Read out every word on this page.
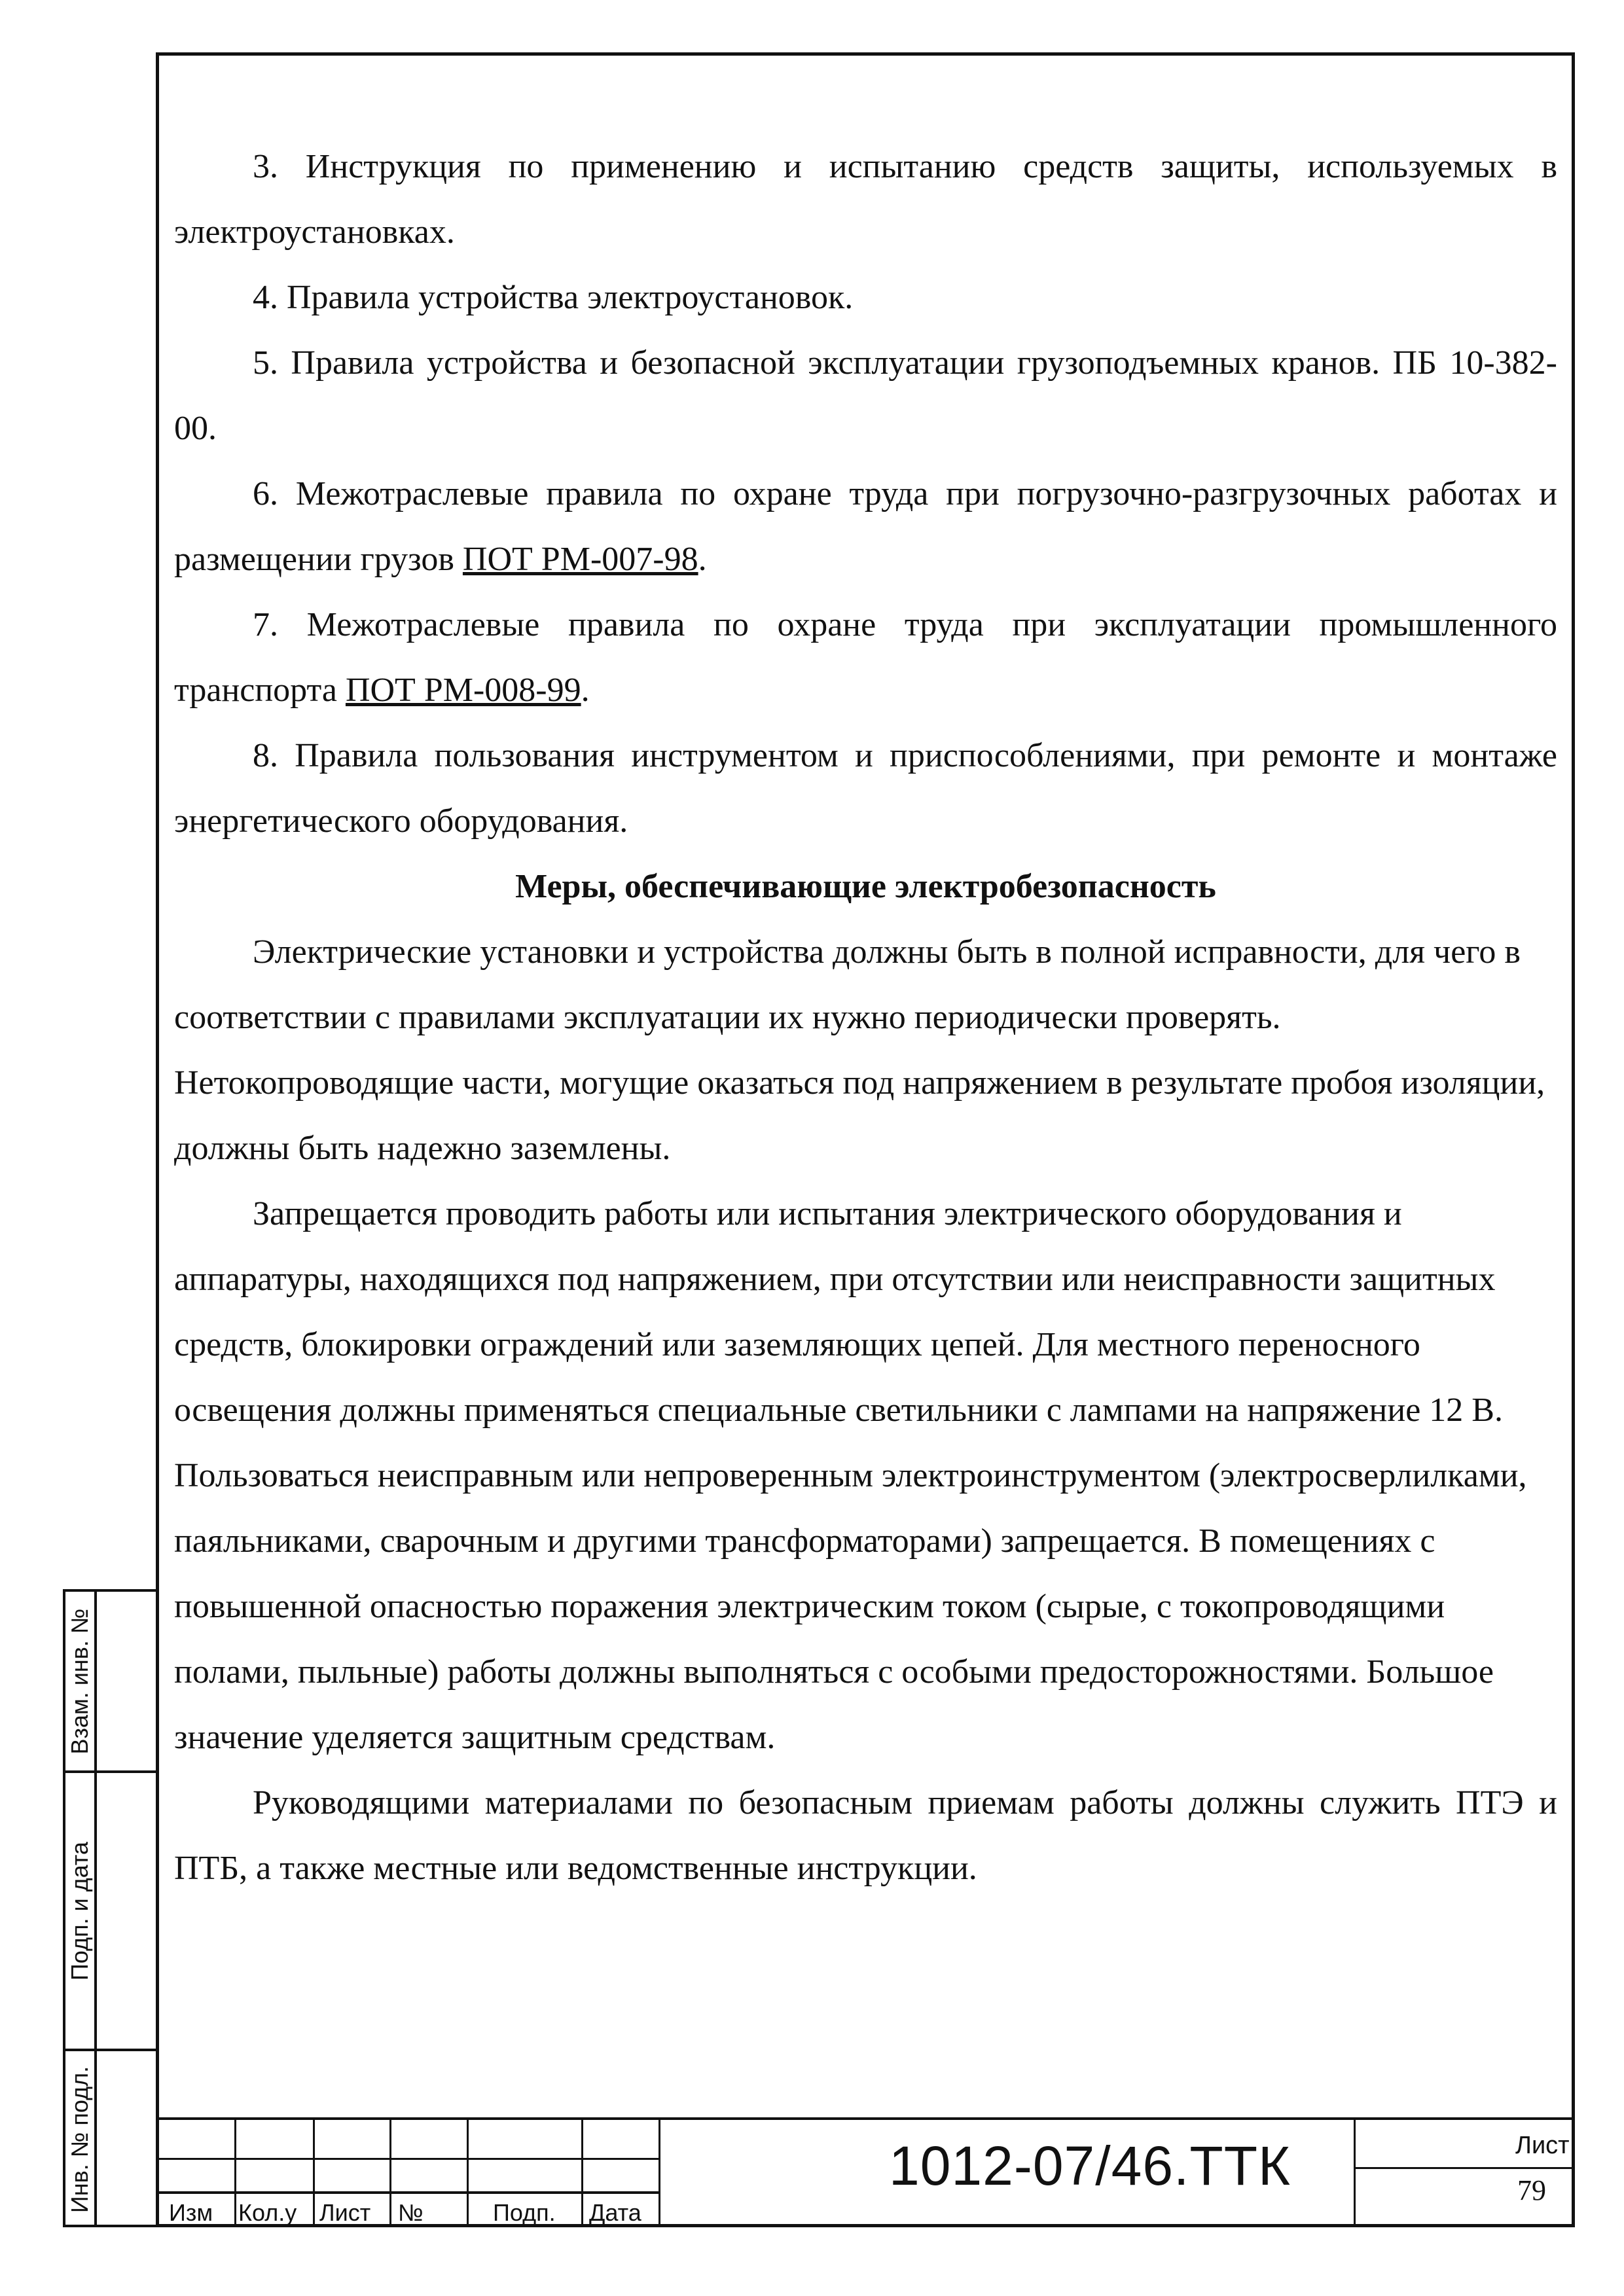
3. Инструкция по применению и испытанию средств защиты, используемых в электроустановках.

4. Правила устройства электроустановок.

5. Правила устройства и безопасной эксплуатации грузоподъемных кранов. ПБ 10-382-00.

6. Межотраслевые правила по охране труда при погрузочно-разгрузочных работах и размещении грузов ПОТ РМ-007-98.

7. Межотраслевые правила по охране труда при эксплуатации промышленного транспорта ПОТ РМ-008-99.

8. Правила пользования инструментом и приспособлениями, при ремонте и монтаже энергетического оборудования.

Меры, обеспечивающие электробезопасность

Электрические установки и устройства должны быть в полной исправности, для чего в соответствии с правилами эксплуатации их нужно периодически проверять. Нетокопроводящие части, могущие оказаться под напряжением в результате пробоя изоляции, должны быть надежно заземлены.

Запрещается проводить работы или испытания электрического оборудования и аппаратуры, находящихся под напряжением, при отсутствии или неисправности защитных средств, блокировки ограждений или заземляющих цепей. Для местного переносного освещения должны применяться специальные светильники с лампами на напряжение 12 В. Пользоваться неисправным или непроверенным электроинструментом (электросверлилками, паяльниками, сварочным и другими трансформаторами) запрещается. В помещениях с повышенной опасностью поражения электрическим током (сырые, с токопроводящими полами, пыльные) работы должны выполняться с особыми предосторожностями. Большое значение уделяется защитным средствам.

Руководящими материалами по безопасным приемам работы должны служить ПТЭ и ПТБ, а также местные или ведомственные инструкции.

Взам. инв. №
Подп. и дата
Инв. № подл.	Изм Кол.у Лист №	Подп. Дата
1012-07/46.ТТК	Лист
79
